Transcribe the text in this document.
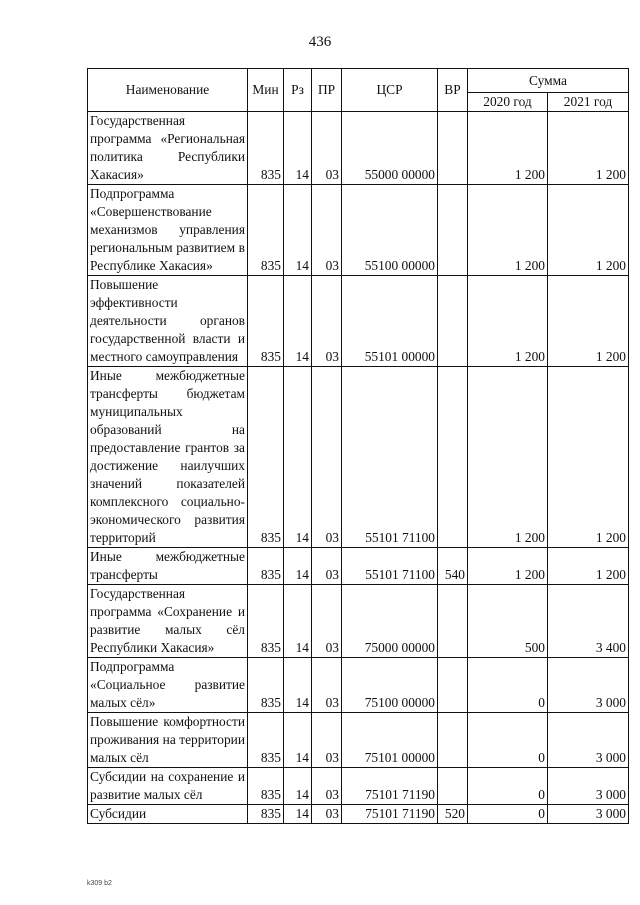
436
Наименование	Мин	Рз	ПР	ЦСР	ВР	Сумма	
						2020 год	2021 год
Государственная программа «Региональная политика Республики Хакасия»	835	14	03	55000 00000		1 200	1 200
Подпрограмма «Совершенствование механизмов управления региональным развитием в Республике Хакасия»	835	14	03	55100 00000		1 200	1 200
Повышение эффективности деятельности органов государственной власти и местного самоуправления	835	14	03	55101 00000		1 200	1 200
Иные межбюджетные трансферты бюджетам муниципальных образований на предоставление грантов за достижение наилучших значений показателей комплексного социально-экономического развития территорий	835	14	03	55101 71100		1 200	1 200
Иные межбюджетные трансферты	835	14	03	55101 71100	540	1 200	1 200
Государственная программа «Сохранение и развитие малых сёл Республики Хакасия»	835	14	03	75000 00000		500	3 400
Подпрограмма «Социальное развитие малых сёл»	835	14	03	75100 00000		0	3 000
Повышение комфортности проживания на территории малых сёл	835	14	03	75101 00000		0	3 000
Субсидии на сохранение и развитие малых сёл	835	14	03	75101 71190		0	3 000
Субсидии	835	14	03	75101 71190	520	0	3 000
k309 b2
